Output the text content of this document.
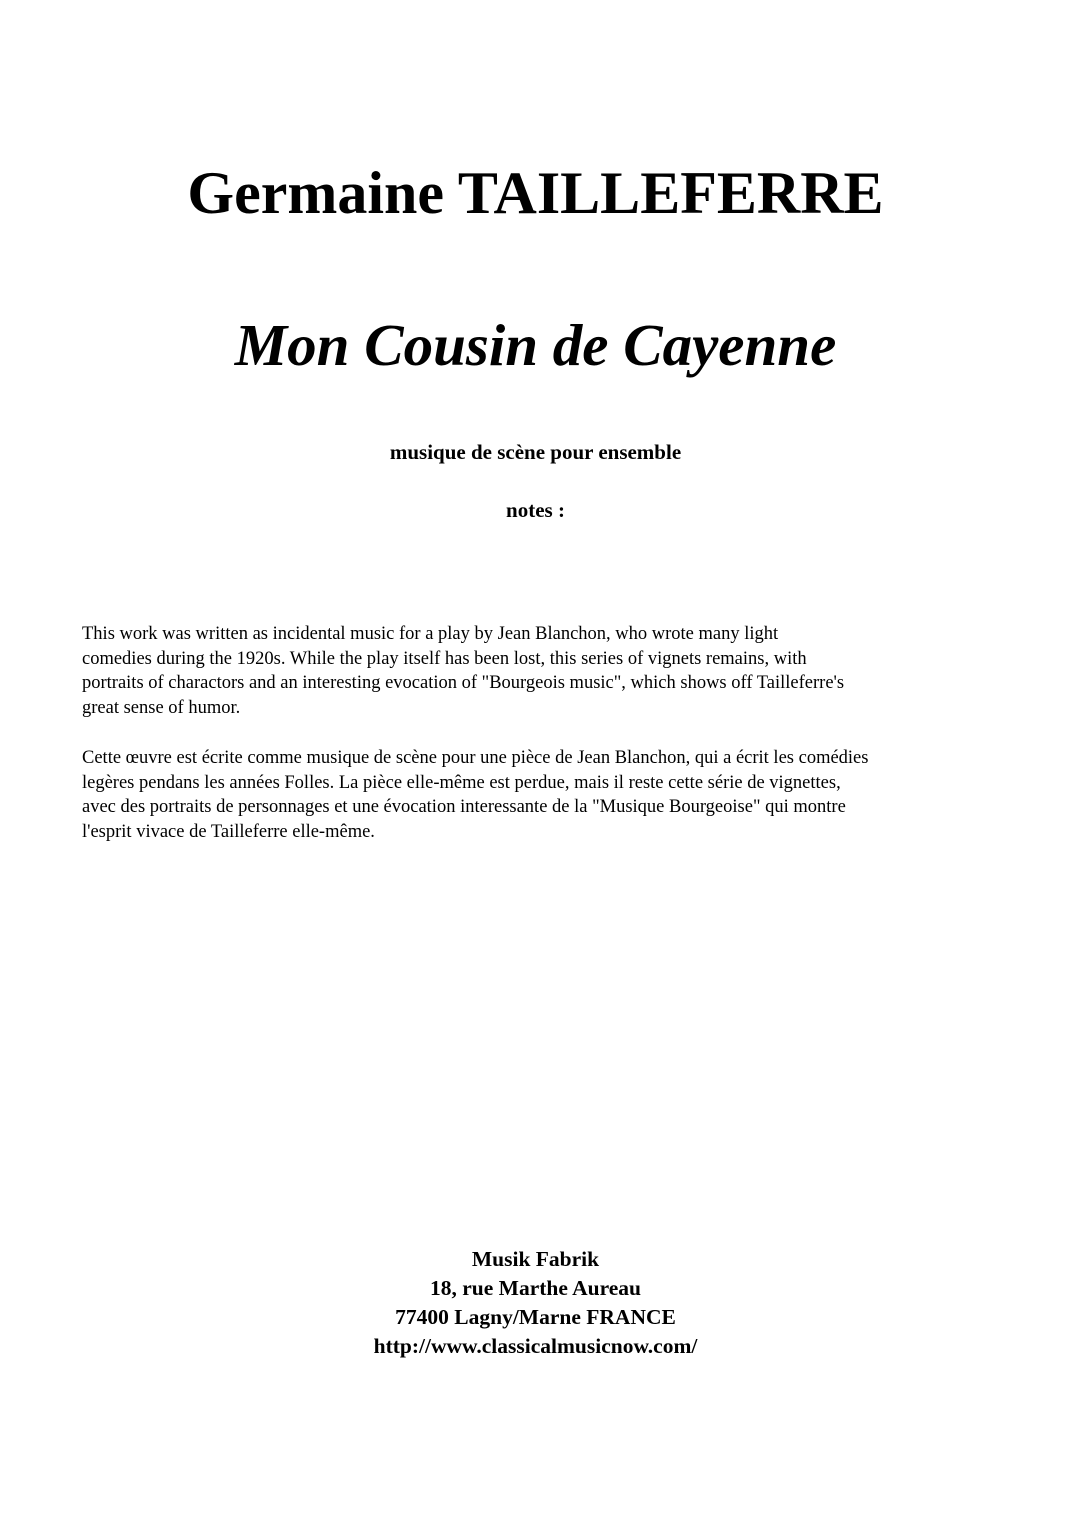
Germaine TAILLEFERRE
Mon Cousin de Cayenne

musique de scène pour ensemble

notes :

This work was written as incidental music for a play by Jean Blanchon, who wrote many light
comedies during the 1920s. While the play itself has been lost, this series of vignets remains, with
portraits of charactors and an interesting evocation of "Bourgeois music", which shows off Tailleferre's
great sense of humor.

Cette œuvre est écrite comme musique de scène pour une pièce de Jean Blanchon, qui a écrit les comédies
legères pendans les années Folles. La pièce elle-même est perdue, mais il reste cette série de vignettes,
avec des portraits de personnages et une évocation interessante de la "Musique Bourgeoise" qui montre
l'esprit vivace de Tailleferre elle-même.

Musik Fabrik
18, rue Marthe Aureau
77400 Lagny/Marne FRANCE
http://www.classicalmusicnow.com/
